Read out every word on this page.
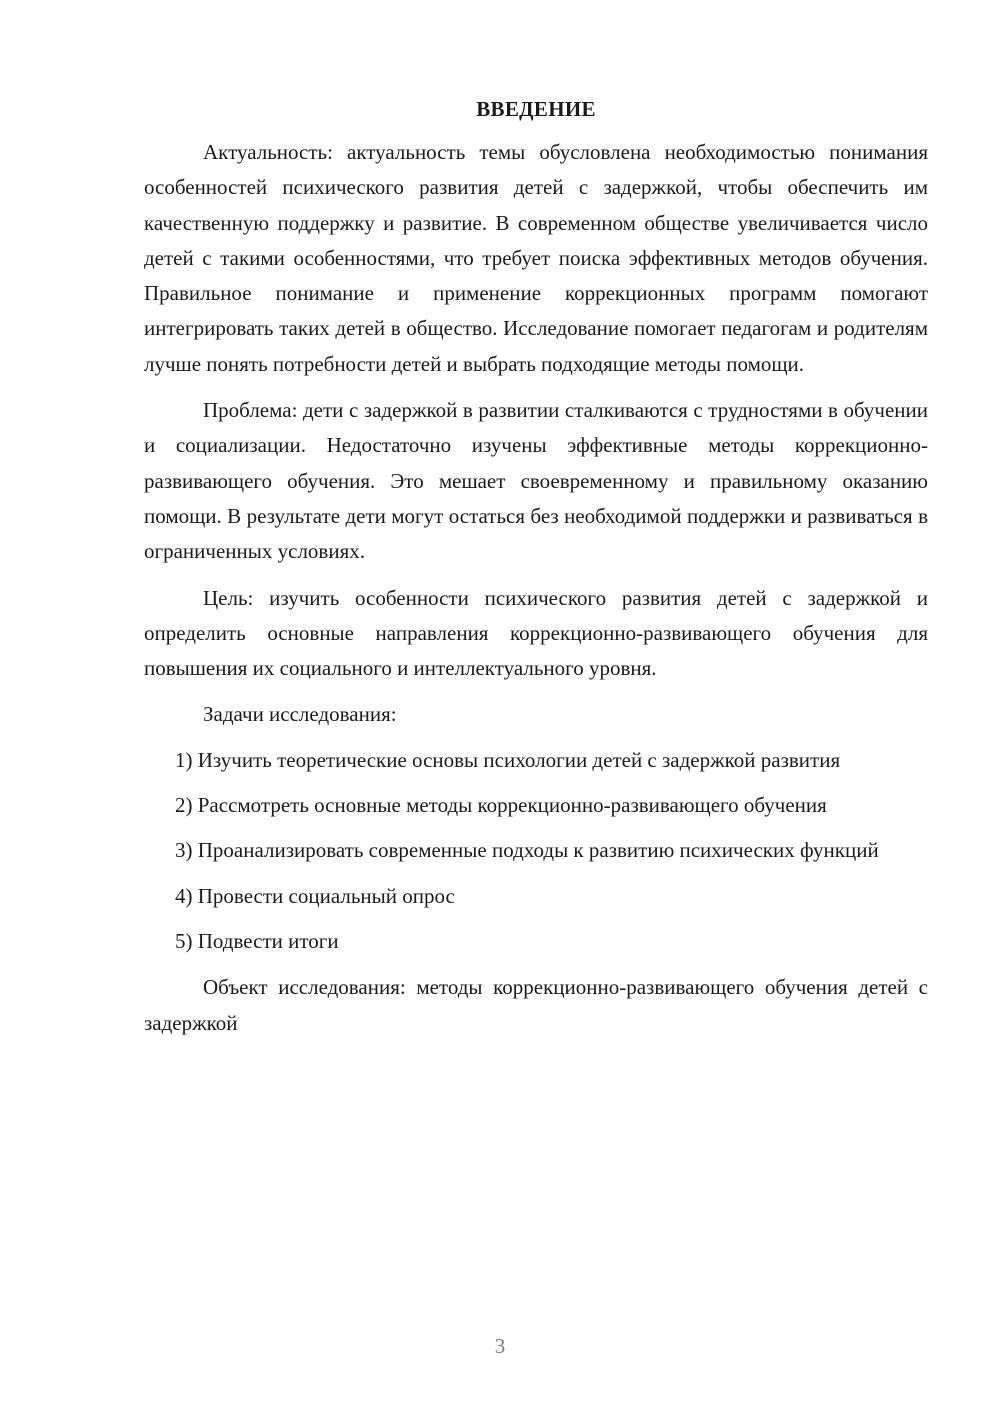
ВВЕДЕНИЕ

Актуальность: актуальность темы обусловлена необходимостью понимания особенностей психического развития детей с задержкой, чтобы обеспечить им качественную поддержку и развитие. В современном обществе увеличивается число детей с такими особенностями, что требует поиска эффективных методов обучения. Правильное понимание и применение коррекционных программ помогают интегрировать таких детей в общество. Исследование помогает педагогам и родителям лучше понять потребности детей и выбрать подходящие методы помощи.

Проблема: дети с задержкой в развитии сталкиваются с трудностями в обучении и социализации. Недостаточно изучены эффективные методы коррекционно-развивающего обучения. Это мешает своевременному и правильному оказанию помощи. В результате дети могут остаться без необходимой поддержки и развиваться в ограниченных условиях.

Цель: изучить особенности психического развития детей с задержкой и определить основные направления коррекционно-развивающего обучения для повышения их социального и интеллектуального уровня.

Задачи исследования:

1) Изучить теоретические основы психологии детей с задержкой развития

2) Рассмотреть основные методы коррекционно-развивающего обучения

3) Проанализировать современные подходы к развитию психических функций

4) Провести социальный опрос

5) Подвести итоги

Объект исследования: методы коррекционно-развивающего обучения детей с задержкой

3
